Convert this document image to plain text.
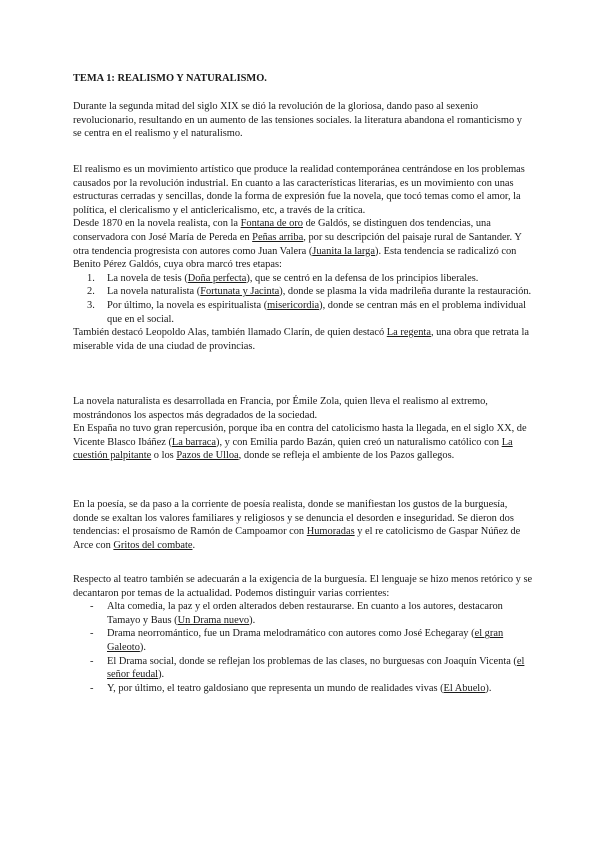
TEMA 1: REALISMO Y NATURALISMO.

Durante la segunda mitad del siglo XIX se dió la revolución de la gloriosa, dando paso al sexenio revolucionario, resultando en un aumento de las tensiones sociales. la literatura abandona el romanticismo y se centra en el realismo y el naturalismo.

El realismo es un movimiento artístico que produce la realidad contemporánea centrándose en los problemas causados por la revolución industrial. En cuanto a las características literarias, es un movimiento con unas estructuras cerradas y sencillas, donde la forma de expresión fue la novela, que tocó temas como el amor, la política, el clericalismo y el anticlericalismo, etc, a través de la crítica.

Desde 1870 en la novela realista, con la Fontana de oro de Galdós, se distinguen dos tendencias, una conservadora con José María de Pereda en Peñas arriba, por su descripción del paisaje rural de Santander. Y otra tendencia progresista con autores como Juan Valera (Juanita la larga). Esta tendencia se radicalizó con Benito Pérez Galdós, cuya obra marcó tres etapas:

1. La novela de tesis (Doña perfecta), que se centró en la defensa de los principios liberales.
2. La novela naturalista (Fortunata y Jacinta), donde se plasma la vida madrileña durante la restauración.
3. Por último, la novela es espiritualista (misericordia), donde se centran más en el problema individual que en el social.

También destacó Leopoldo Alas, también llamado Clarín, de quien destacó La regenta, una obra que retrata la miserable vida de una ciudad de provincias.

La novela naturalista es desarrollada en Francia, por Émile Zola, quien lleva el realismo al extremo, mostrándonos los aspectos más degradados de la sociedad.

En España no tuvo gran repercusión, porque iba en contra del catolicismo hasta la llegada, en el siglo XX, de Vicente Blasco Ibáñez (La barraca), y con Emilia pardo Bazán, quien creó un naturalismo católico con La cuestión palpitante o los Pazos de Ulloa, donde se refleja el ambiente de los Pazos gallegos.

En la poesía, se da paso a la corriente de poesía realista, donde se manifiestan los gustos de la burguesía, donde se exaltan los valores familiares y religiosos y se denuncia el desorden e inseguridad. Se dieron dos tendencias: el prosaísmo de Ramón de Campoamor con Humoradas y el re catolicismo de Gaspar Núñez de Arce con Gritos del combate.

Respecto al teatro también se adecuarán a la exigencia de la burguesía. El lenguaje se hizo menos retórico y se decantaron por temas de la actualidad. Podemos distinguir varias corrientes:

- Alta comedia, la paz y el orden alterados deben restaurarse. En cuanto a los autores, destacaron Tamayo y Baus (Un Drama nuevo).
- Drama neorromántico, fue un Drama melodramático con autores como José Echegaray (el gran Galeoto).
- El Drama social, donde se reflejan los problemas de las clases, no burguesas con Joaquín Vicenta (el señor feudal).
- Y, por último, el teatro galdosiano que representa un mundo de realidades vivas (El Abuelo).
